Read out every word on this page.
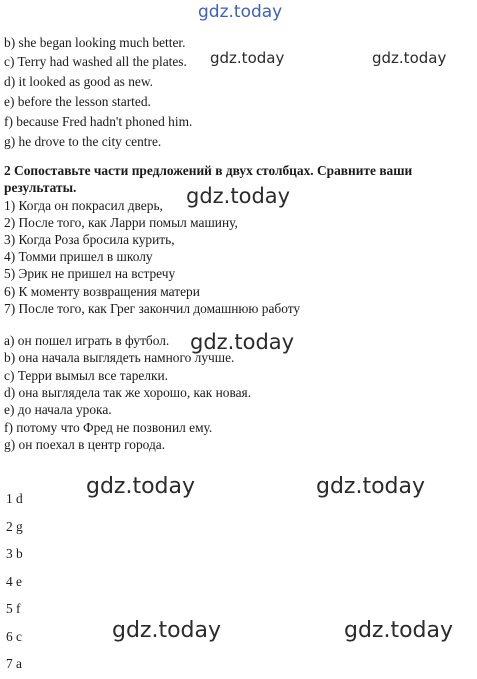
gdz.today
gdz.today	gdz.today
gdz.today
gdz.today
gdz.today	gdz.today
gdz.today	gdz.today
b) she began looking much better.
c) Terry had washed all the plates.
d) it looked as good as new.
e) before the lesson started.
f) because Fred hadn't phoned him.
g) he drove to the city centre.
2 Сопоставьте части предложений в двух столбцах. Сравните ваши
результаты.
1) Когда он покрасил дверь,
2) После того, как Ларри помыл машину,
3) Когда Роза бросила курить,
4) Томми пришел в школу
5) Эрик не пришел на встречу
6) К моменту возвращения матери
7) После того, как Грег закончил домашнюю работу
a) он пошел играть в футбол.
b) она начала выглядеть намного лучше.
c) Терри вымыл все тарелки.
d) она выглядела так же хорошо, как новая.
e) до начала урока.
f) потому что Фред не позвонил ему.
g) он поехал в центр города.
1 d
2 g
3 b
4 e
5 f
6 c
7 a
